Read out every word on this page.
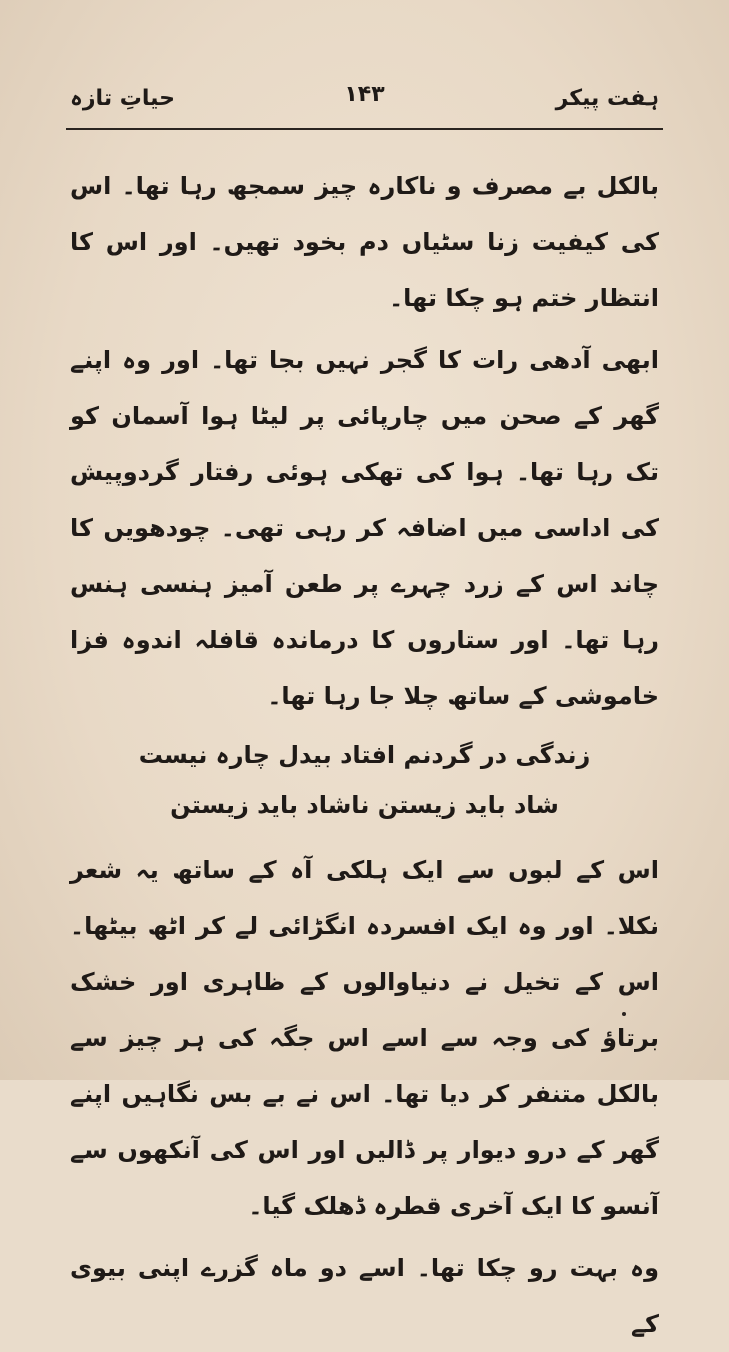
حیاتِ تازہ	۱۴۳	ہفت پیکر

بالکل بے مصرف و ناکارہ چیز سمجھ رہا تھا۔ اس کی کیفیت زنا سٹیاں دم بخود تھیں۔ اور اس کا انتظار ختم ہو چکا تھا۔

ابھی آدھی رات کا گجر نہیں بجا تھا۔ اور وہ اپنے گھر کے صحن میں چارپائی پر لیٹا ہوا آسمان کو تک رہا تھا۔ ہوا کی تھکی ہوئی رفتار گردوپیش کی اداسی میں اضافہ کر رہی تھی۔ چودھویں کا چاند اس کے زرد چہرے پر طعن آمیز ہنسی ہنس رہا تھا۔ اور ستاروں کا درماندہ قافلہ اندوہ فزا خاموشی کے ساتھ چلا جا رہا تھا۔

زندگی در گردنم افتاد بیدل چارہ نیست
شاد باید زیستن ناشاد باید زیستن

اس کے لبوں سے ایک ہلکی آہ کے ساتھ یہ شعر نکلا۔ اور وہ ایک افسردہ انگڑائی لے کر اٹھ بیٹھا۔ اس کے تخیل نے دنیاوالوں کے ظاہری اور خشک برتاؤ کی وجہ سے اسے اس جگہ کی ہر چیز سے بالکل متنفر کر دیا تھا۔ اس نے بے بس نگاہیں اپنے گھر کے درو دیوار پر ڈالیں اور اس کی آنکھوں سے آنسو کا ایک آخری قطرہ ڈھلک گیا۔

وہ بہت رو چکا تھا۔ اسے دو ماہ گزرے اپنی بیوی کے
